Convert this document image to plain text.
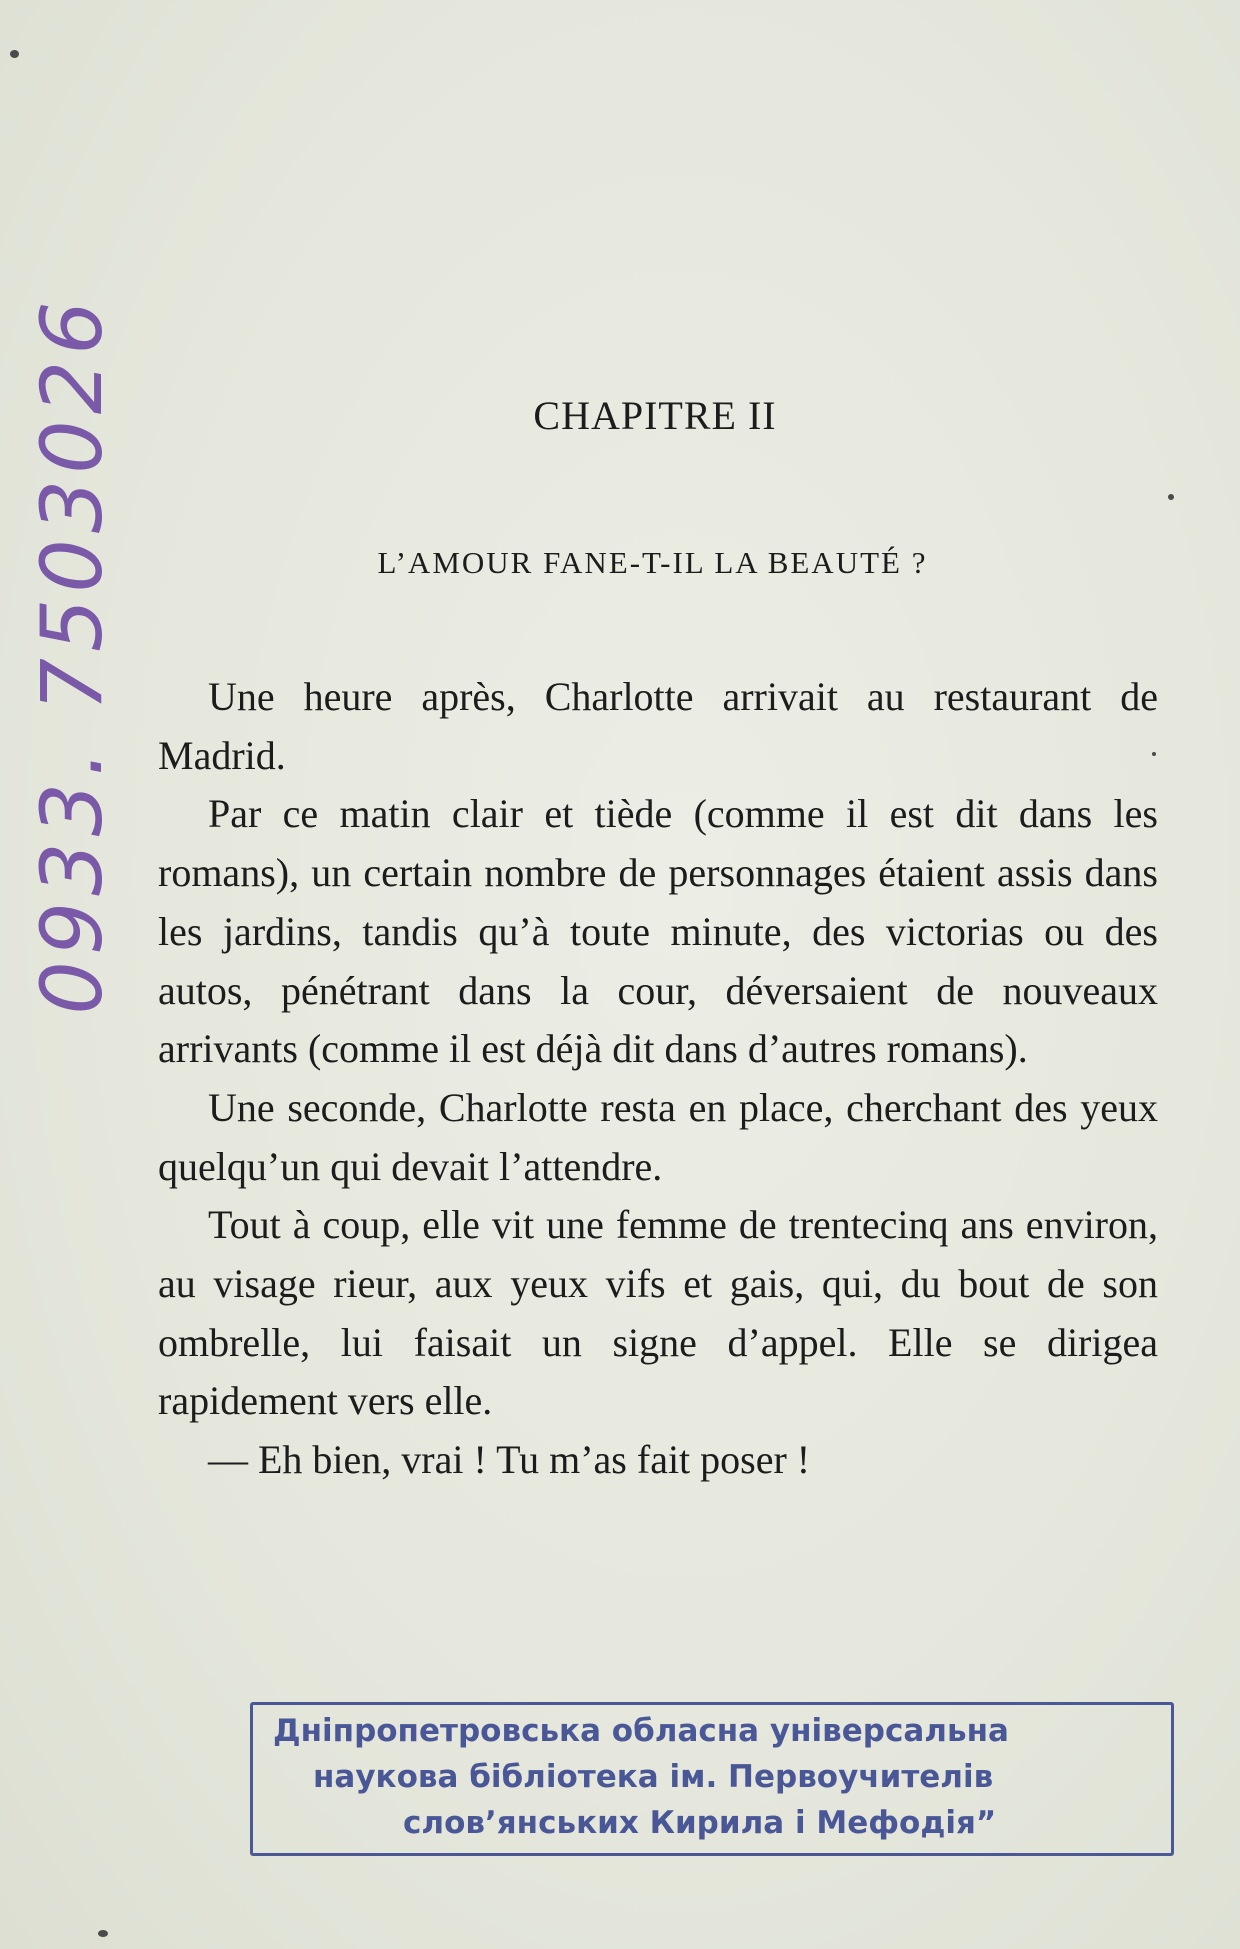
0933. 7503026	CHAPITRE II
L’AMOUR FANE-T-IL LA BEAUTÉ ?

Une heure après, Charlotte arrivait au restaurant de Madrid.

Par ce matin clair et tiède (comme il est dit dans les romans), un certain nombre de personnages étaient assis dans les jardins, tandis qu’à toute minute, des victorias ou des autos, pénétrant dans la cour, déversaient de nouveaux arrivants (comme il est déjà dit dans d’autres romans).

Une seconde, Charlotte resta en place, cherchant des yeux quelqu’un qui devait l’attendre.

Tout à coup, elle vit une femme de trentecinq ans environ, au visage rieur, aux yeux vifs et gais, qui, du bout de son ombrelle, lui faisait un signe d’appel. Elle se dirigea rapidement vers elle.

— Eh bien, vrai ! Tu m’as fait poser !

Дніпропетровська обласна універсальна
наукова бібліотека ім. Первоучителів
слов’янських Кирила і Мефодія”
